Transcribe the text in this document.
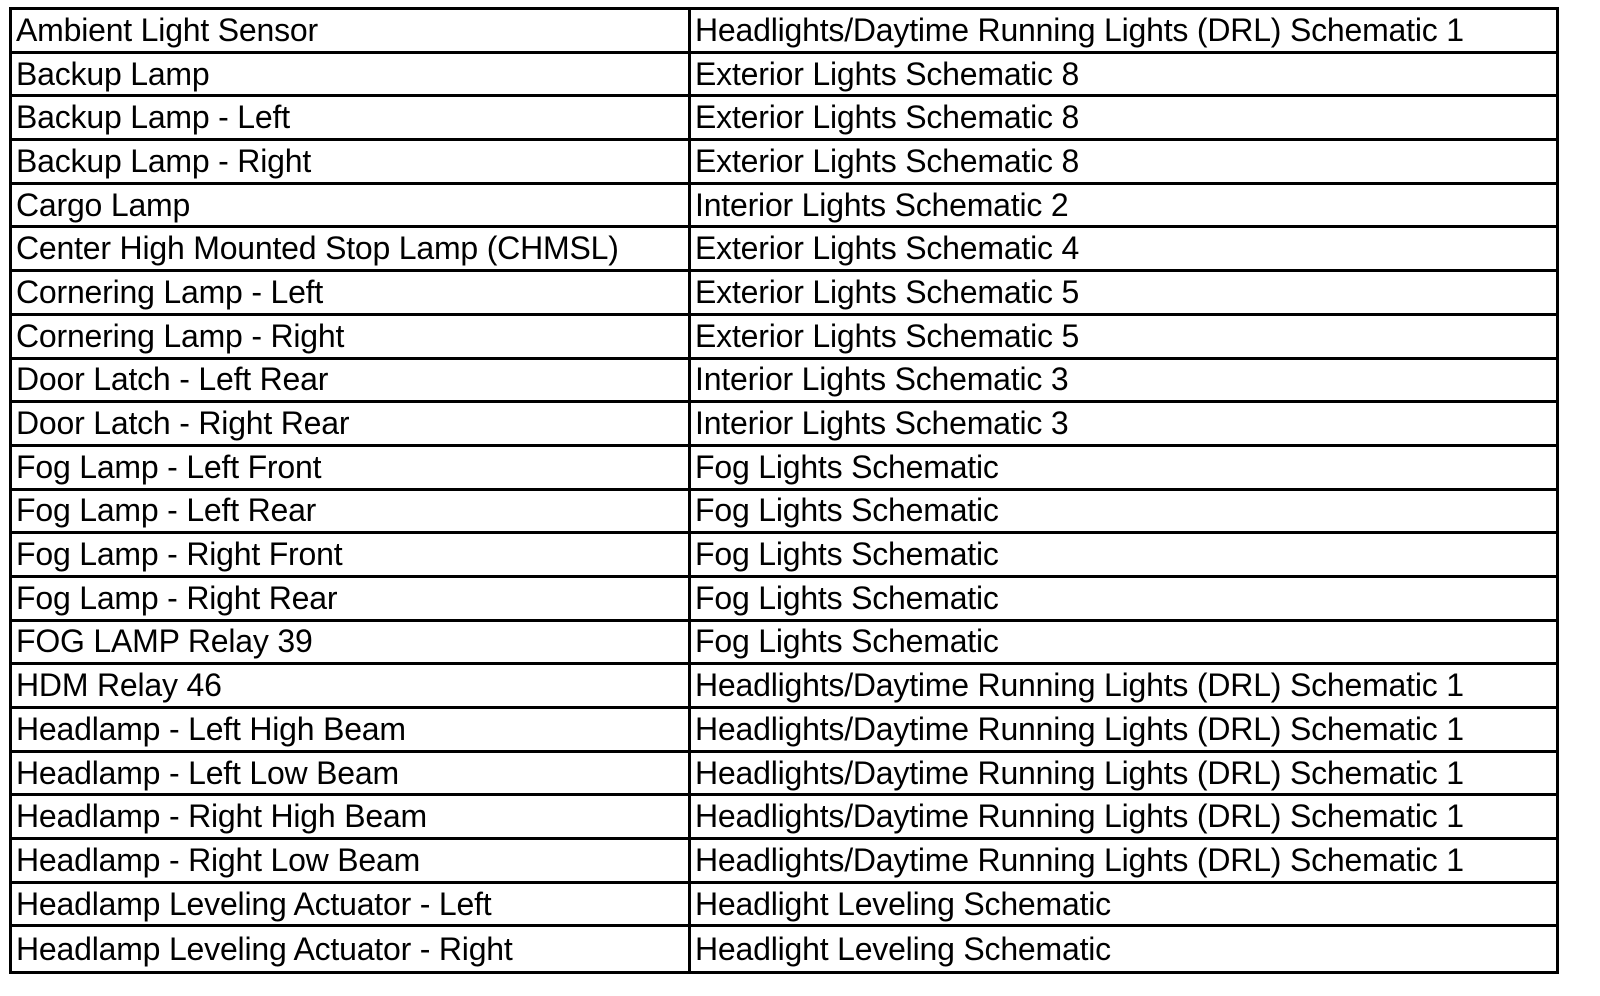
Ambient Light Sensor	Headlights/Daytime Running Lights (DRL) Schematic 1
Backup Lamp	Exterior Lights Schematic 8
Backup Lamp - Left	Exterior Lights Schematic 8
Backup Lamp - Right	Exterior Lights Schematic 8
Cargo Lamp	Interior Lights Schematic 2
Center High Mounted Stop Lamp (CHMSL)	Exterior Lights Schematic 4
Cornering Lamp - Left	Exterior Lights Schematic 5
Cornering Lamp - Right	Exterior Lights Schematic 5
Door Latch - Left Rear	Interior Lights Schematic 3
Door Latch - Right Rear	Interior Lights Schematic 3
Fog Lamp - Left Front	Fog Lights Schematic
Fog Lamp - Left Rear	Fog Lights Schematic
Fog Lamp - Right Front	Fog Lights Schematic
Fog Lamp - Right Rear	Fog Lights Schematic
FOG LAMP Relay 39	Fog Lights Schematic
HDM Relay 46	Headlights/Daytime Running Lights (DRL) Schematic 1
Headlamp - Left High Beam	Headlights/Daytime Running Lights (DRL) Schematic 1
Headlamp - Left Low Beam	Headlights/Daytime Running Lights (DRL) Schematic 1
Headlamp - Right High Beam	Headlights/Daytime Running Lights (DRL) Schematic 1
Headlamp - Right Low Beam	Headlights/Daytime Running Lights (DRL) Schematic 1
Headlamp Leveling Actuator - Left	Headlight Leveling Schematic
Headlamp Leveling Actuator - Right	Headlight Leveling Schematic
